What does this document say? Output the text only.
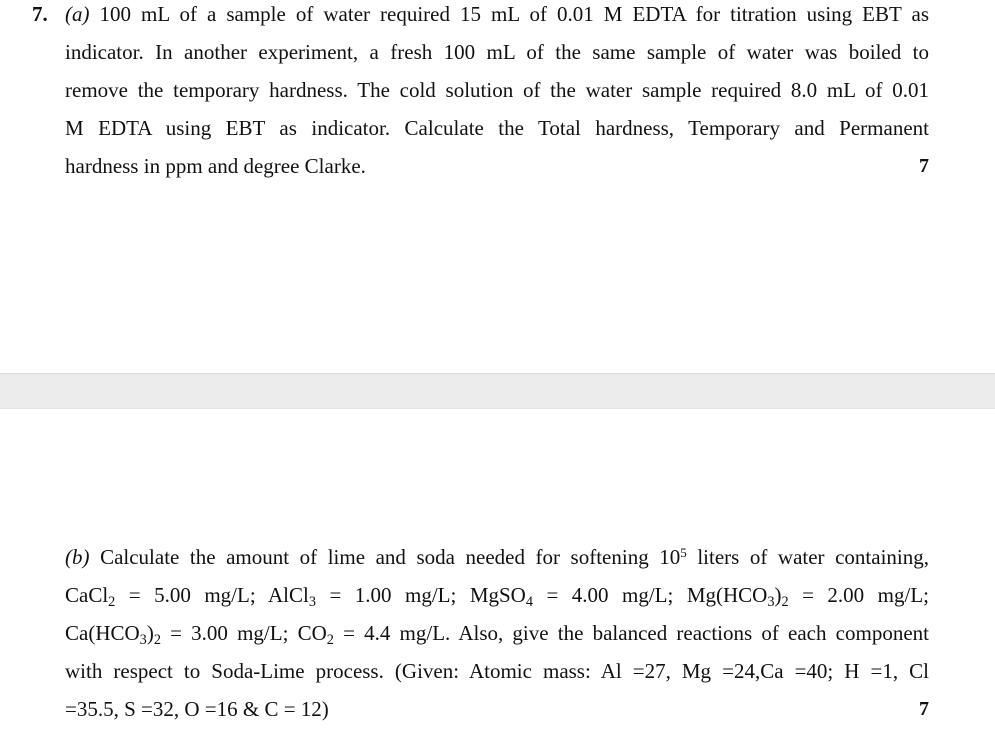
7. (a) 100 mL of a sample of water required 15 mL of 0.01 M EDTA for titration using EBT as
indicator. In another experiment, a fresh 100 mL of the same sample of water was boiled to
remove the temporary hardness. The cold solution of the water sample required 8.0 mL of 0.01
M EDTA using EBT as indicator. Calculate the Total hardness, Temporary and Permanent
hardness in ppm and degree Clarke.	7
(b) Calculate the amount of lime and soda needed for softening $10^5$ liters of water containing,
CaCl$_2$ = 5.00 mg/L; AlCl$_3$ = 1.00 mg/L; MgSO$_4$ = 4.00 mg/L; $Mg(HCO_3)_2 = 2.00$ mg/L;
$Ca(HCO_3)_2 = 3.00$ mg/L; $CO_2 = 4.4$ mg/L. Also, give the balanced reactions of each component
with respect to Soda-Lime process. (Given: Atomic mass: Al =27, Mg =24,Ca =40; H =1, Cl
=35.5, S =32, O =16 & C = 12)	7
